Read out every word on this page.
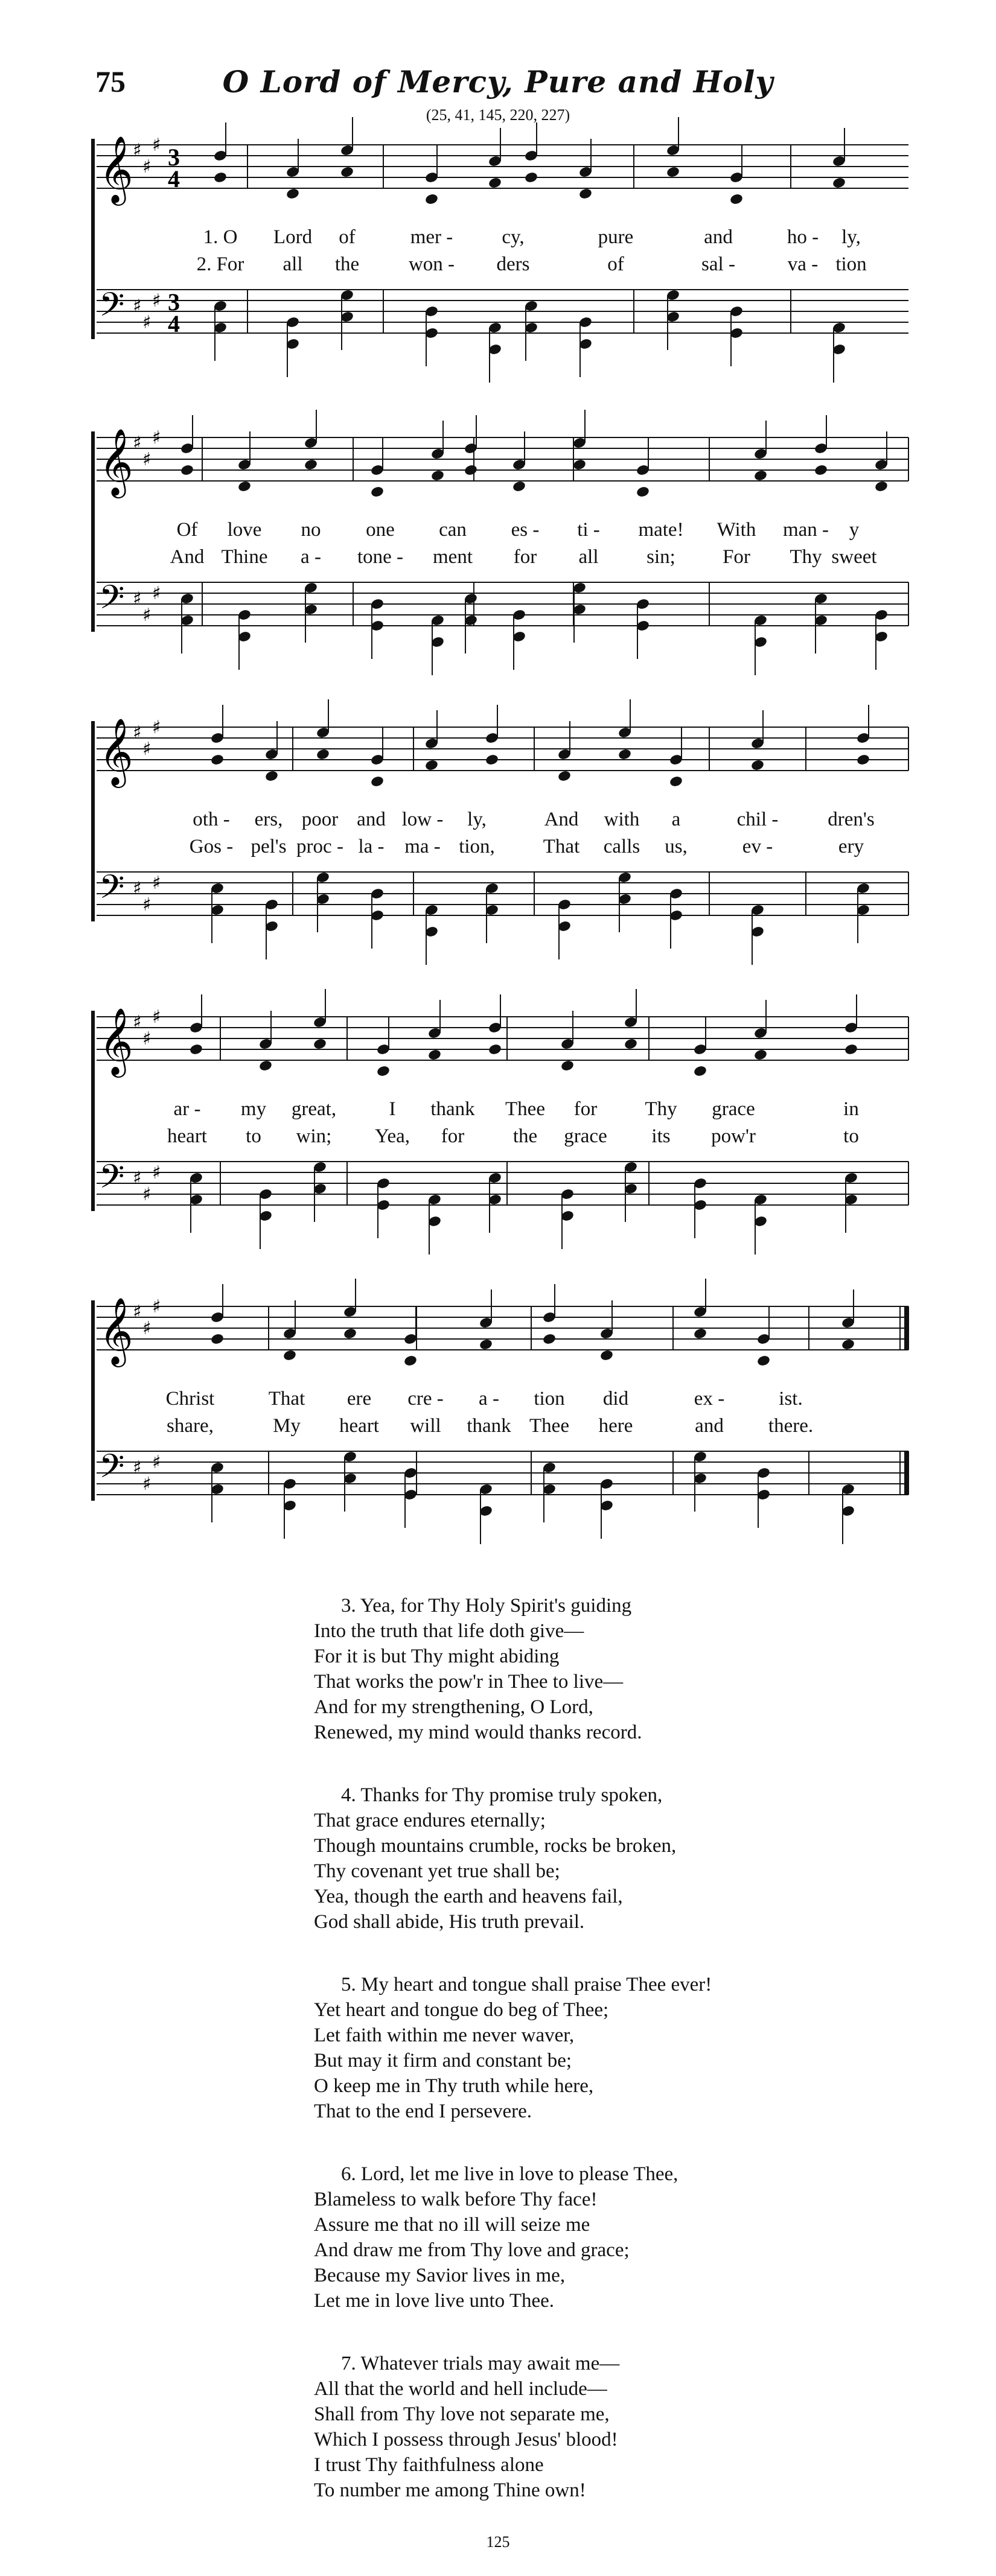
75	O Lord of Mercy, Pure and Holy
(25, 41, 145, 220, 227)
𝄞 ♯
♯
♯ 3
4
𝄢 ♯
♯
♯ 3
4
1. O Lord of	mer - cy,	pure	and	ho - ly,
2. For all the won - ders	of	sal -	va - tion
𝄞 ♯
♯
♯
𝄢 ♯
♯
♯
Of love no one can es - ti - mate! With man - y
And Thine a - tone - ment for all sin; For Thy sweet
𝄞 ♯
♯
♯
𝄢 ♯
♯
♯
oth - ers, poor and low - ly,	And with a	chil - dren's
Gos - pel's proc - la - ma - tion, That calls us,	ev -	ery
𝄞 ♯
♯
♯
𝄢 ♯
♯
♯
ar - my great,	I thank Thee for Thy grace	in
heart to win; Yea, for the grace its pow'r	to
𝄞 ♯
♯
♯
𝄢 ♯
♯
♯
Christ	That ere cre - a - tion did	ex -	ist.
share,	My heart will thank Thee here	and there.
3. Yea, for Thy Holy Spirit's guiding
Into the truth that life doth give—
For it is but Thy might abiding
That works the pow'r in Thee to live—
And for my strengthening, O Lord,
Renewed, my mind would thanks record.
4. Thanks for Thy promise truly spoken,
That grace endures eternally;
Though mountains crumble, rocks be broken,
Thy covenant yet true shall be;
Yea, though the earth and heavens fail,
God shall abide, His truth prevail.
5. My heart and tongue shall praise Thee ever!
Yet heart and tongue do beg of Thee;
Let faith within me never waver,
But may it firm and constant be;
O keep me in Thy truth while here,
That to the end I persevere.
6. Lord, let me live in love to please Thee,
Blameless to walk before Thy face!
Assure me that no ill will seize me
And draw me from Thy love and grace;
Because my Savior lives in me,
Let me in love live unto Thee.
7. Whatever trials may await me—
All that the world and hell include—
Shall from Thy love not separate me,
Which I possess through Jesus' blood!
I trust Thy faithfulness alone
To number me among Thine own!
125
